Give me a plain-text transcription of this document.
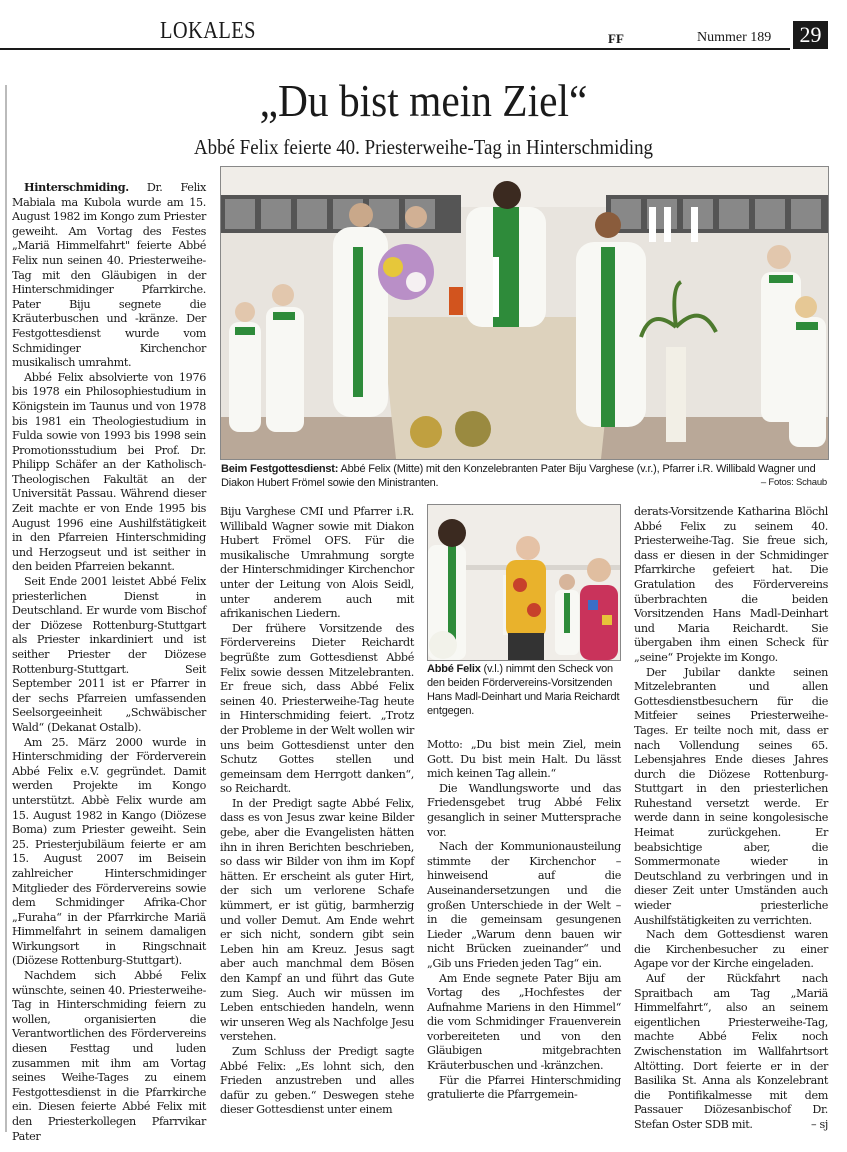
LOKALES	FF	Nummer 189 29
„Du bist mein Ziel“
Abbé Felix feierte 40. Priesterweihe-Tag in Hinterschmiding
Beim Festgottesdienst: Abbé Felix (Mitte) mit den Konzelebranten Pater Biju Varghese (v.r.), Pfarrer i.R. Willibald Wagner und Diakon Hubert Frömel sowie den Ministranten.	– Fotos: Schaub
Abbé Felix (v.l.) nimmt den Scheck von den beiden Fördervereins-Vorsitzenden Hans Madl-Deinhart und Maria Reichardt entgegen.

Hinterschmiding. Dr. Felix Mabiala ma Kubola wurde am 15. August 1982 im Kongo zum Priester geweiht. Am Vortag des Festes „Mariä Himmelfahrt" feierte Abbé Felix nun seinen 40. Priesterweihe-Tag mit den Gläubigen in der Hinterschmidinger Pfarrkirche. Pater Biju segnete die Kräuterbuschen und -kränze. Der Festgottesdienst wurde vom Schmidinger Kirchenchor musikalisch umrahmt.

Abbé Felix absolvierte von 1976 bis 1978 ein Philosophiestudium in Königstein im Taunus und von 1978 bis 1981 ein Theologiestudium in Fulda sowie von 1993 bis 1998 sein Promotionsstudium bei Prof. Dr. Philipp Schäfer an der Katholisch-Theologischen Fakultät an der Universität Passau. Während dieser Zeit machte er von Ende 1995 bis August 1996 eine Aushilfstätigkeit in den Pfarreien Hinterschmiding und Herzogseut und ist seither in den beiden Pfarreien bekannt.

Seit Ende 2001 leistet Abbé Felix priesterlichen Dienst in Deutschland. Er wurde vom Bischof der Diözese Rottenburg-Stuttgart als Priester inkardiniert und ist seither Priester der Diözese Rottenburg-Stuttgart. Seit September 2011 ist er Pfarrer in der sechs Pfarreien umfassenden Seelsorgeeinheit „Schwäbischer Wald“ (Dekanat Ostalb).

Am 25. März 2000 wurde in Hinterschmiding der Förderverein Abbé Felix e.V. gegründet. Damit werden Projekte im Kongo unterstützt. Abbè Felix wurde am 15. August 1982 in Kango (Diözese Boma) zum Priester geweiht. Sein 25. Priesterjubiläum feierte er am 15. August 2007 im Beisein zahlreicher Hinterschmidinger Mitglieder des Fördervereins sowie dem Schmidinger Afrika-Chor „Furaha“ in der Pfarrkirche Mariä Himmelfahrt in seinem damaligen Wirkungsort in Ringschnait (Diözese Rottenburg-Stuttgart).

Nachdem sich Abbé Felix wünschte, seinen 40. Priesterweihe-Tag in Hinterschmiding feiern zu wollen, organisierten die Verantwortlichen des Fördervereins diesen Festtag und luden zusammen mit ihm am Vortag seines Weihe-Tages zu einem Festgottesdienst in die Pfarrkirche ein. Diesen feierte Abbé Felix mit den Priesterkollegen Pfarrvikar Pater

Biju Varghese CMI und Pfarrer i.R. Willibald Wagner sowie mit Diakon Hubert Frömel OFS. Für die musikalische Umrahmung sorgte der Hinterschmidinger Kirchenchor unter der Leitung von Alois Seidl, unter anderem auch mit afrikanischen Liedern.

Der frühere Vorsitzende des Fördervereins Dieter Reichardt begrüßte zum Gottesdienst Abbé Felix sowie dessen Mitzelebranten. Er freue sich, dass Abbé Felix seinen 40. Priesterweihe-Tag heute in Hinterschmiding feiert. „Trotz der Probleme in der Welt wollen wir uns beim Gottesdienst unter den Schutz Gottes stellen und gemeinsam dem Herrgott danken“, so Reichardt.

In der Predigt sagte Abbé Felix, dass es von Jesus zwar keine Bilder gebe, aber die Evangelisten hätten ihn in ihren Berichten beschrieben, so dass wir Bilder von ihm im Kopf hätten. Er erscheint als guter Hirt, der sich um verlorene Schafe kümmert, er ist gütig, barmherzig und voller Demut. Am Ende wehrt er sich nicht, sondern gibt sein Leben hin am Kreuz. Jesus sagt aber auch manchmal dem Bösen den Kampf an und führt das Gute zum Sieg. Auch wir müssen im Leben entschieden handeln, wenn wir unseren Weg als Nachfolge Jesu verstehen.

Zum Schluss der Predigt sagte Abbé Felix: „Es lohnt sich, den Frieden anzustreben und alles dafür zu geben.“ Deswegen stehe dieser Gottesdienst unter einem

Motto: „Du bist mein Ziel, mein Gott. Du bist mein Halt. Du lässt mich keinen Tag allein.“

Die Wandlungsworte und das Friedensgebet trug Abbé Felix gesanglich in seiner Muttersprache vor.

Nach der Kommunionausteilung stimmte der Kirchenchor – hinweisend auf die Auseinandersetzungen und die großen Unterschiede in der Welt – in die gemeinsam gesungenen Lieder „Warum denn bauen wir nicht Brücken zueinander“ und „Gib uns Frieden jeden Tag“ ein.

Am Ende segnete Pater Biju am Vortag des „Hochfestes der Aufnahme Mariens in den Himmel“ die vom Schmidinger Frauenverein vorbereiteten und von den Gläubigen mitgebrachten Kräuterbuschen und -kränzchen.

Für die Pfarrei Hinterschmiding gratulierte die Pfarrgemein-

derats-Vorsitzende Katharina Blöchl Abbé Felix zu seinem 40. Priesterweihe-Tag. Sie freue sich, dass er diesen in der Schmidinger Pfarrkirche gefeiert hat. Die Gratulation des Fördervereins überbrachten die beiden Vorsitzenden Hans Madl-Deinhart und Maria Reichardt. Sie übergaben ihm einen Scheck für „seine“ Projekte im Kongo.

Der Jubilar dankte seinen Mitzelebranten und allen Gottesdienstbesuchern für die Mitfeier seines Priesterweihe-Tages. Er teilte noch mit, dass er nach Vollendung seines 65. Lebensjahres Ende dieses Jahres durch die Diözese Rottenburg-Stuttgart in den priesterlichen Ruhestand versetzt werde. Er werde dann in seine kongolesische Heimat zurückgehen. Er beabsichtige aber, die Sommermonate wieder in Deutschland zu verbringen und in dieser Zeit unter Umständen auch wieder priesterliche Aushilfstätigkeiten zu verrichten.

Nach dem Gottesdienst waren die Kirchenbesucher zu einer Agape vor der Kirche eingeladen.

Auf der Rückfahrt nach Spraitbach am Tag „Mariä Himmelfahrt“, also an seinem eigentlichen Priesterweihe-Tag, machte Abbé Felix noch Zwischenstation im Wallfahrtsort Altötting. Dort feierte er in der Basilika St. Anna als Konzelebrant die Pontifikalmesse mit dem Passauer Diözesanbischof Dr. Stefan Oster SDB mit.	– sj
